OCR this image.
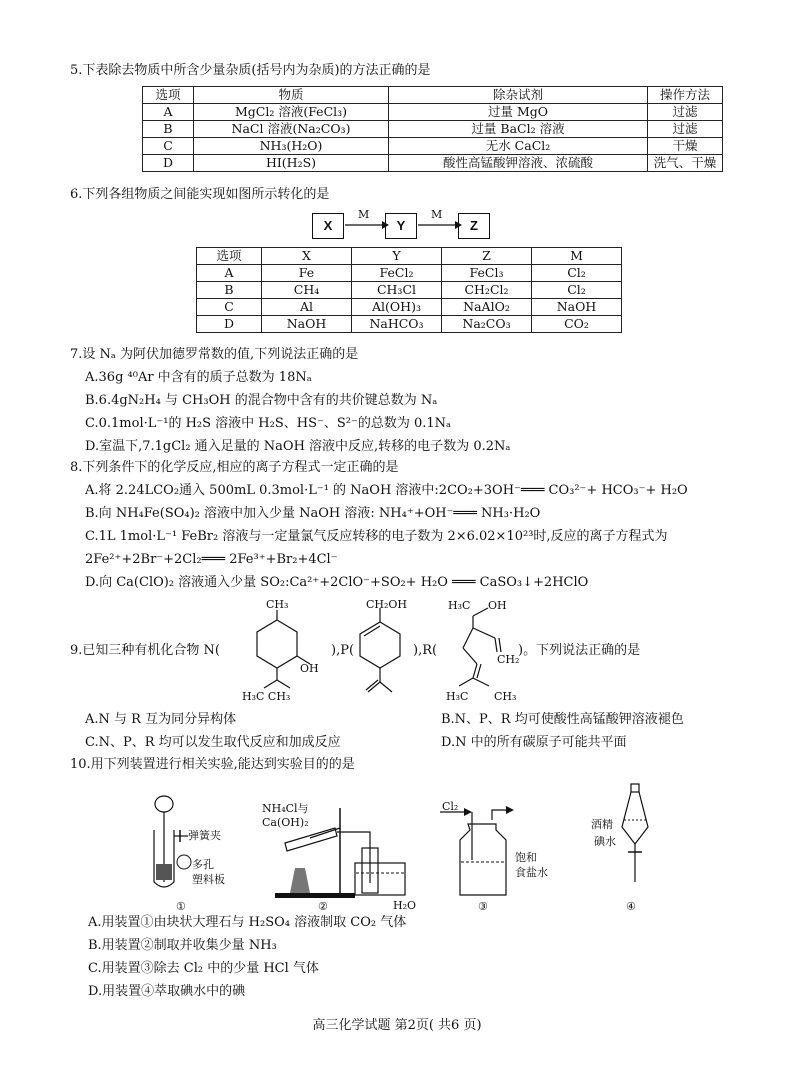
5.下表除去物质中所含少量杂质(括号内为杂质)的方法正确的是
选项	物质	除杂试剂	操作方法
A	MgCl₂ 溶液(FeCl₃)	过量 MgO	过滤
B	NaCl 溶液(Na₂CO₃)	过量 BaCl₂ 溶液	过滤
C	NH₃(H₂O)	无水 CaCl₂	干燥
D	HI(H₂S)	酸性高锰酸钾溶液、浓硫酸	洗气、干燥
6.下列各组物质之间能实现如图所示转化的是
X	Y	Z
M	M
选项	X	Y	Z	M
A	Fe	FeCl₂	FeCl₃	Cl₂
B	CH₄	CH₃Cl	CH₂Cl₂	Cl₂
C	Al	Al(OH)₃	NaAlO₂	NaOH
D	NaOH	NaHCO₃	Na₂CO₃	CO₂
7.设 Nₐ 为阿伏加德罗常数的值,下列说法正确的是
A.36g ⁴⁰Ar 中含有的质子总数为 18Nₐ
B.6.4gN₂H₄ 与 CH₃OH 的混合物中含有的共价键总数为 Nₐ
C.0.1mol·L⁻¹的 H₂S 溶液中 H₂S、HS⁻、S²⁻的总数为 0.1Nₐ
D.室温下,7.1gCl₂ 通入足量的 NaOH 溶液中反应,转移的电子数为 0.2Nₐ
8.下列条件下的化学反应,相应的离子方程式一定正确的是
A.将 2.24LCO₂通入 500mL 0.3mol·L⁻¹ 的 NaOH 溶液中:2CO₂+3OH⁻═══ CO₃²⁻+ HCO₃⁻+ H₂O
B.向 NH₄Fe(SO₄)₂ 溶液中加入少量 NaOH 溶液: NH₄⁺+OH⁻═══ NH₃·H₂O
C.1L 1mol·L⁻¹ FeBr₂ 溶液与一定量氯气反应转移的电子数为 2×6.02×10²³时,反应的离子方程式为
2Fe²⁺+2Br⁻+2Cl₂═══ 2Fe³⁺+Br₂+4Cl⁻
D.向 Ca(ClO)₂ 溶液通入少量 SO₂:Ca²⁺+2ClO⁻+SO₂+ H₂O ═══ CaSO₃↓+2HClO
9.已知三种有机化合物 N(	),P(	),R(	)。下列说法正确的是
CH₃
OH
H₃C CH₃
CH₂OH	H₃C OH
CH₂
H₃C CH₃
A.N 与 R 互为同分异构体	B.N、P、R 均可使酸性高锰酸钾溶液褪色
C.N、P、R 均可以发生取代反应和加成反应	D.N 中的所有碳原子可能共平面
10.用下列装置进行相关实验,能达到实验目的的是
弹簧夹
多孔
塑料板
①
NH₄Cl与
Ca(OH)₂
H₂O
②
Cl₂
饱和
食盐水
③
酒精
碘水
④
A.用装置①由块状大理石与 H₂SO₄ 溶液制取 CO₂ 气体
B.用装置②制取并收集少量 NH₃
C.用装置③除去 Cl₂ 中的少量 HCl 气体
D.用装置④萃取碘水中的碘
高三化学试题 第2页( 共6 页)
